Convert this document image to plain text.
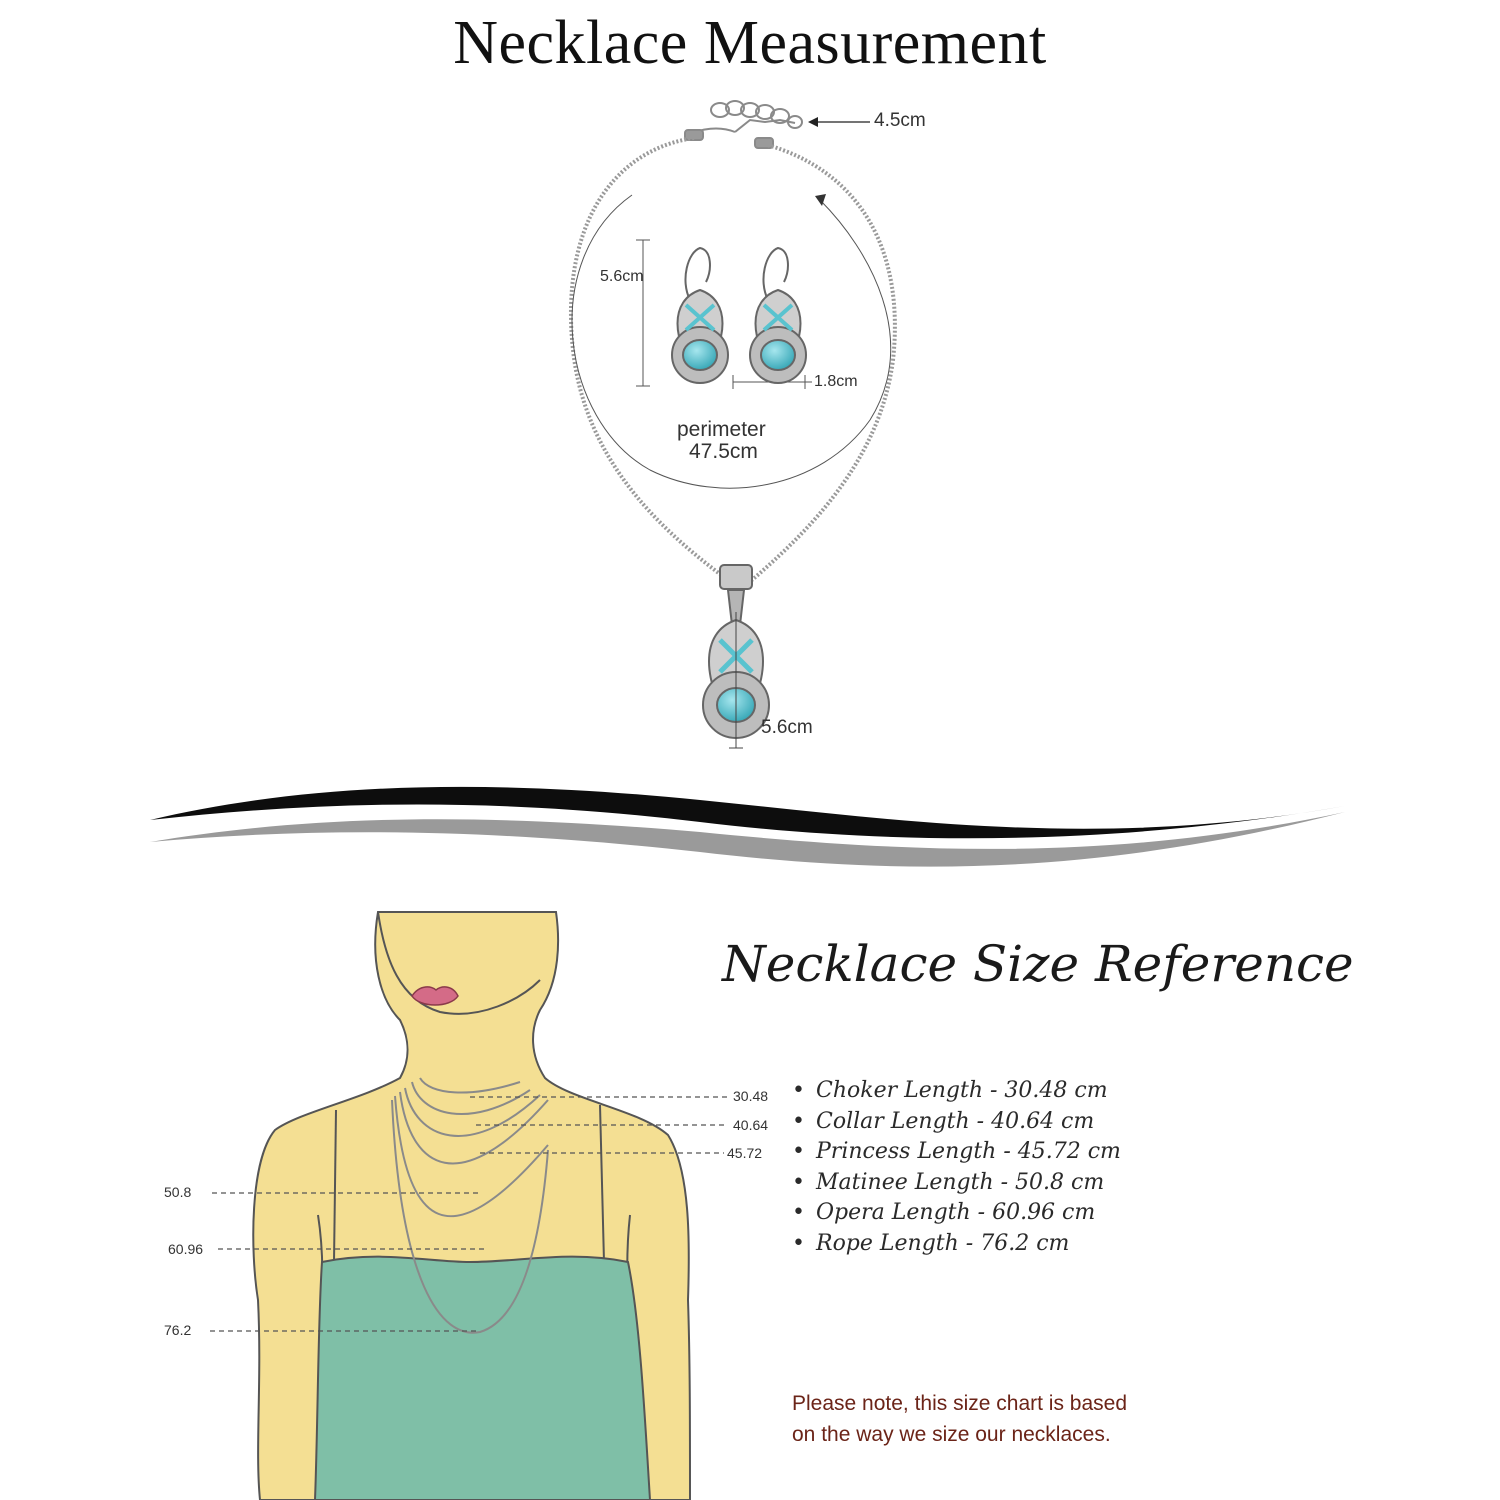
Necklace Measurement
4.5cm
5.6cm
1.8cm
perimeter
47.5cm
5.6cm
Necklace Size Reference
30.48
40.64
45.72
50.8
60.96
76.2
• Choker Length - 30.48 cm
• Collar Length - 40.64 cm
• Princess Length - 45.72 cm
• Matinee Length - 50.8 cm
• Opera Length - 60.96 cm
• Rope Length - 76.2 cm
Please note, this size chart is based
on the way we size our necklaces.
